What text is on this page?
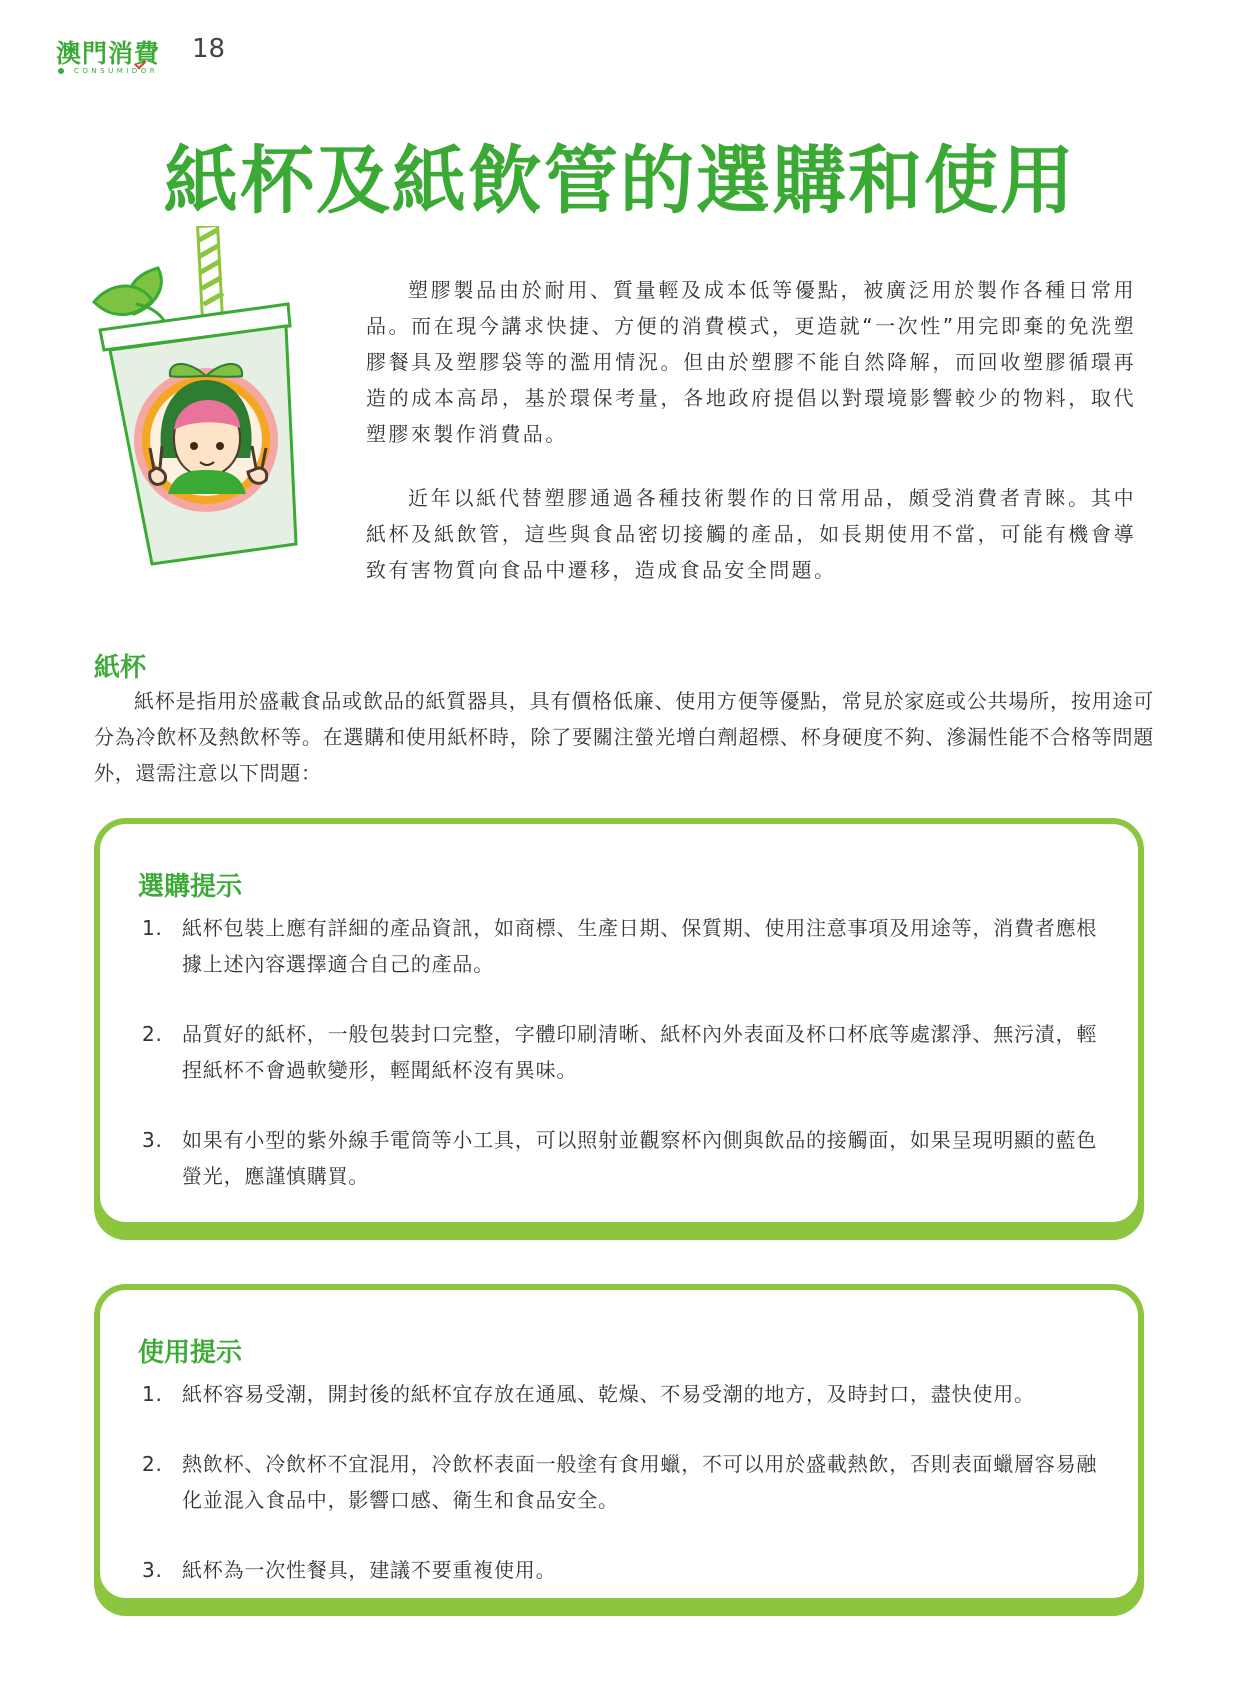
澳門消費
CONSUMIDOR
18
紙杯及紙飲管的選購和使用

塑膠製品由於耐用、質量輕及成本低等優點，被廣泛用於製作各種日常用品。而在現今講求快捷、方便的消費模式，更造就“一次性”用完即棄的免洗塑膠餐具及塑膠袋等的濫用情況。但由於塑膠不能自然降解，而回收塑膠循環再造的成本高昂，基於環保考量，各地政府提倡以對環境影響較少的物料，取代塑膠來製作消費品。

近年以紙代替塑膠通過各種技術製作的日常用品，頗受消費者青睞。其中紙杯及紙飲管，這些與食品密切接觸的產品，如長期使用不當，可能有機會導致有害物質向食品中遷移，造成食品安全問題。

紙杯

紙杯是指用於盛載食品或飲品的紙質器具，具有價格低廉、使用方便等優點，常見於家庭或公共場所，按用途可分為冷飲杯及熱飲杯等。在選購和使用紙杯時，除了要關注螢光增白劑超標、杯身硬度不夠、滲漏性能不合格等問題外，還需注意以下問題：

選購提示
1. 紙杯包裝上應有詳細的產品資訊，如商標、生產日期、保質期、使用注意事項及用途等，消費者應根據上述內容選擇適合自己的產品。
2. 品質好的紙杯，一般包裝封口完整，字體印刷清晰、紙杯內外表面及杯口杯底等處潔淨、無污漬，輕捏紙杯不會過軟變形，輕聞紙杯沒有異味。
3. 如果有小型的紫外線手電筒等小工具，可以照射並觀察杯內側與飲品的接觸面，如果呈現明顯的藍色螢光，應謹慎購買。
使用提示
1. 紙杯容易受潮，開封後的紙杯宜存放在通風、乾燥、不易受潮的地方，及時封口，盡快使用。
2. 熱飲杯、冷飲杯不宜混用，冷飲杯表面一般塗有食用蠟，不可以用於盛載熱飲，否則表面蠟層容易融化並混入食品中，影響口感、衛生和食品安全。
3. 紙杯為一次性餐具，建議不要重複使用。
